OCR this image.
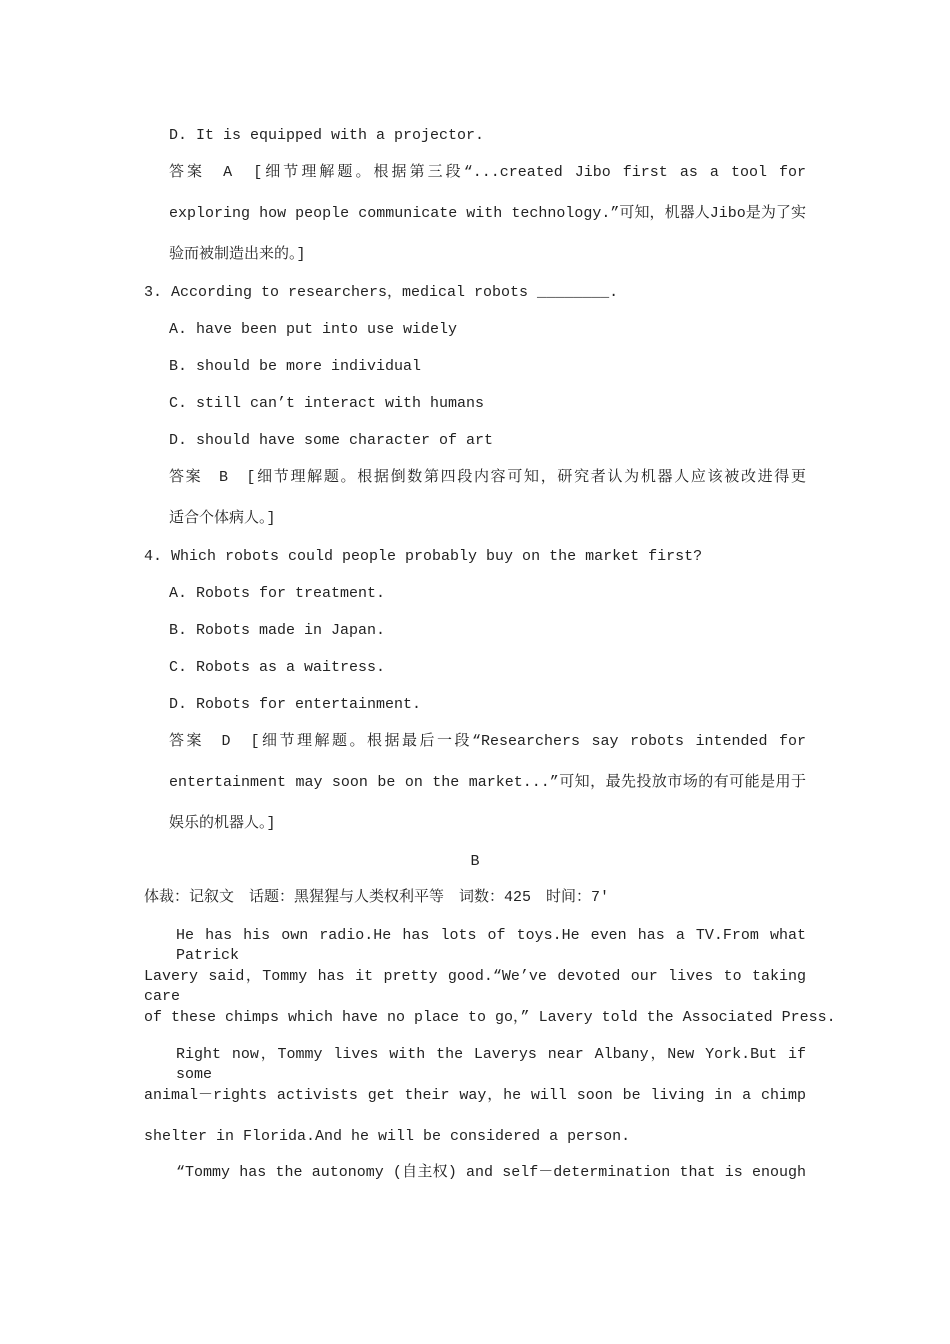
D. It is equipped with a projector.

答案　A　[细节理解题。根据第三段“...created Jibo first as a tool for

exploring how people communicate with technology.”可知，机器人Jibo是为了实

验而被制造出来的。]

3. According to researchers，medical robots ________.

A. have been put into use widely

B. should be more individual

C. still can’t interact with humans

D. should have some character of art

答案　B　[细节理解题。根据倒数第四段内容可知，研究者认为机器人应该被改进得更

适合个体病人。]

4. Which robots could people probably buy on the market first?

A. Robots for treatment.

B. Robots made in Japan.

C. Robots as a waitress.

D. Robots for entertainment.

答案　D　[细节理解题。根据最后一段“Researchers say robots intended for

entertainment may soon be on the market...”可知，最先投放市场的有可能是用于

娱乐的机器人。]

B

体裁：记叙文　话题：黑猩猩与人类权利平等　词数：425　时间：7′

He has his own radio.He has lots of toys.He even has a TV.From what Patrick

Lavery said，Tommy has it pretty good.“We’ve devoted our lives to taking care

of these chimps which have no place to go，” Lavery told the Associated Press.

Right now，Tommy lives with the Laverys near Albany，New York.But if some

animal－rights activists get their way，he will soon be living in a chimp

shelter in Florida.And he will be considered a person.

“Tommy has the autonomy (自主权) and self－determination that is enough
